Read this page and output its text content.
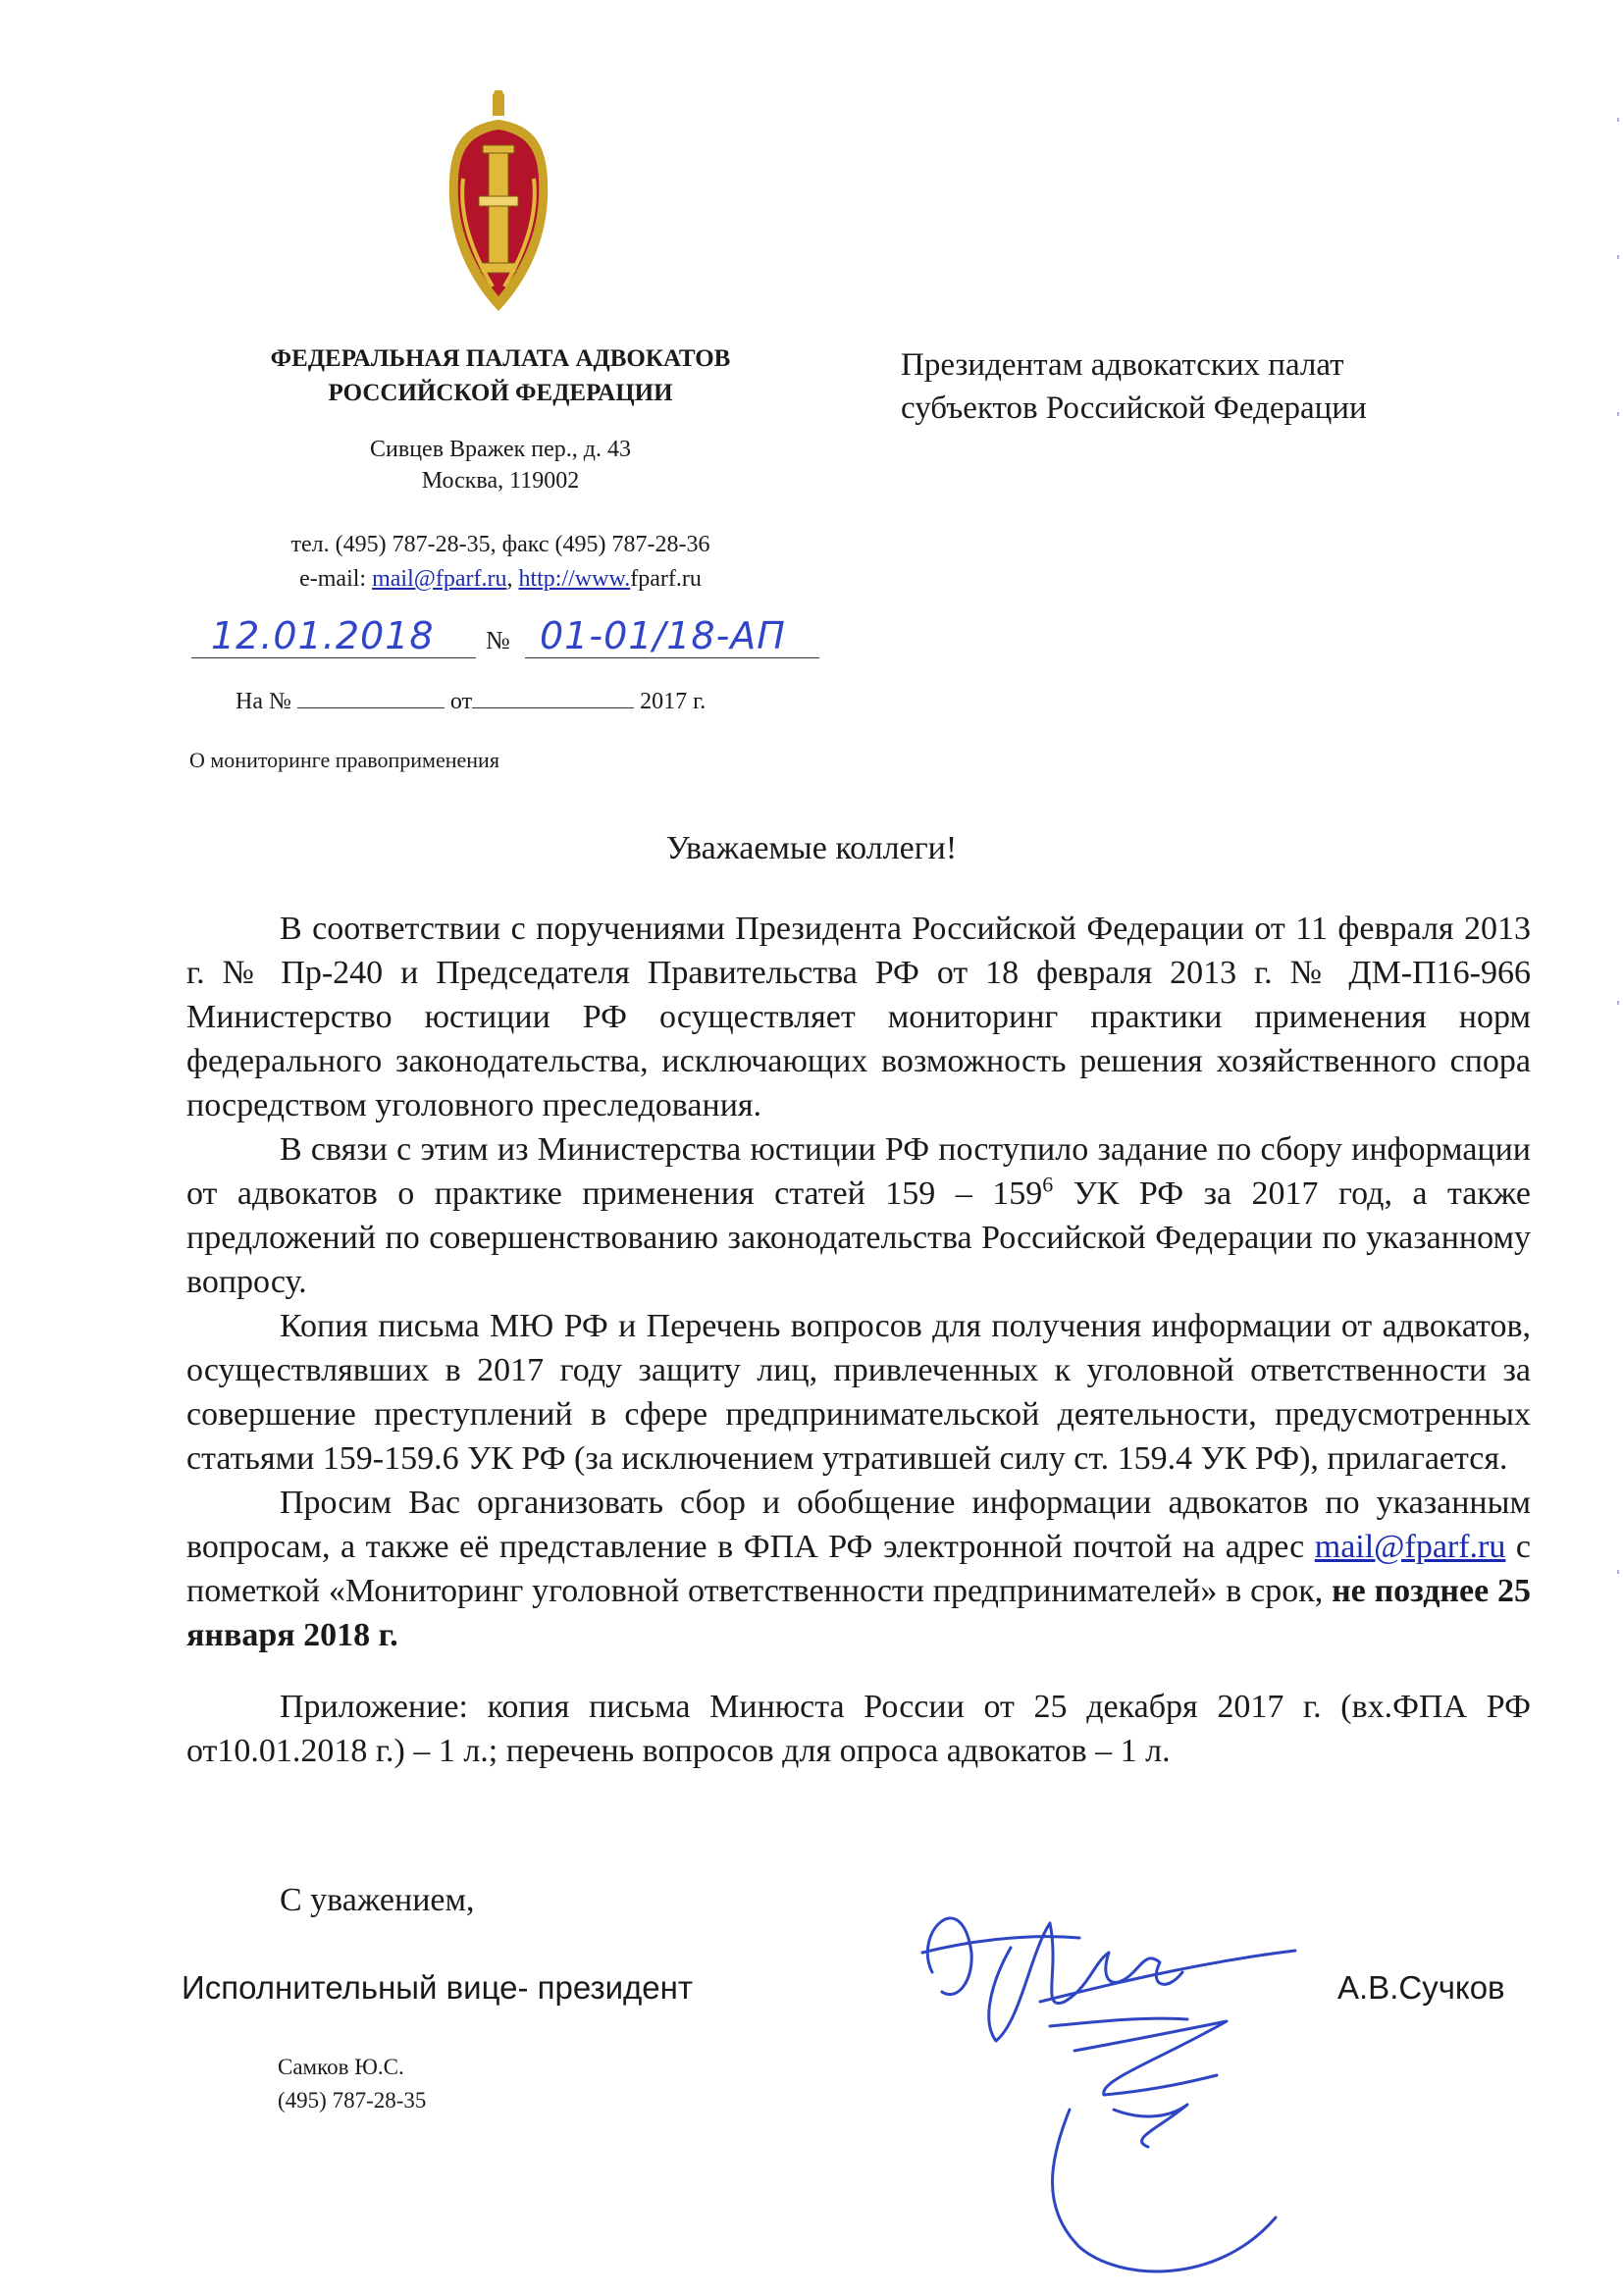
ФЕДЕРАЛЬНАЯ ПАЛАТА АДВОКАТОВ
РОССИЙСКОЙ ФЕДЕРАЦИИ
Сивцев Вражек пер., д. 43
Москва, 119002
тел. (495) 787-28-35, факс (495) 787-28-36
e-mail: mail@fparf.ru, http://www.fparf.ru
12.01.2018 № 01-01/18-АП
На №	от	2017 г.
О мониторинге правоприменения
Президентам адвокатских палат
субъектов Российской Федерации
Уважаемые коллеги!

В соответствии с поручениями Президента Российской Федерации от 11 февраля 2013 г. № Пр-240 и Председателя Правительства РФ от 18 февраля 2013 г. № ДМ-П16-966 Министерство юстиции РФ осуществляет мониторинг практики применения норм федерального законодательства, исключающих возможность решения хозяйственного спора посредством уголовного преследования.

В связи с этим из Министерства юстиции РФ поступило задание по сбору информации от адвокатов о практике применения статей $159 - 159^6$ УК РФ за 2017 год, а также предложений по совершенствованию законодательства Российской Федерации по указанному вопросу.

Копия письма МЮ РФ и Перечень вопросов для получения информации от адвокатов, осуществлявших в 2017 году защиту лиц, привлеченных к уголовной ответственности за совершение преступлений в сфере предпринимательской деятельности, предусмотренных статьями 159-159.6 УК РФ (за исключением утратившей силу ст. 159.4 УК РФ), прилагается.

Просим Вас организовать сбор и обобщение информации адвокатов по указанным вопросам, а также её представление в ФПА РФ электронной почтой на адрес mail@fparf.ru с пометкой «Мониторинг уголовной ответственности предпринимателей» в срок, не позднее 25 января 2018 г.

Приложение: копия письма Минюста России от 25 декабря 2017 г. (вх.ФПА РФ от10.01.2018 г.) – 1 л.; перечень вопросов для опроса адвокатов – 1 л.

С уважением,
Исполнительный вице- президент	А.В.Сучков
Самков Ю.С.
(495) 787-28-35
